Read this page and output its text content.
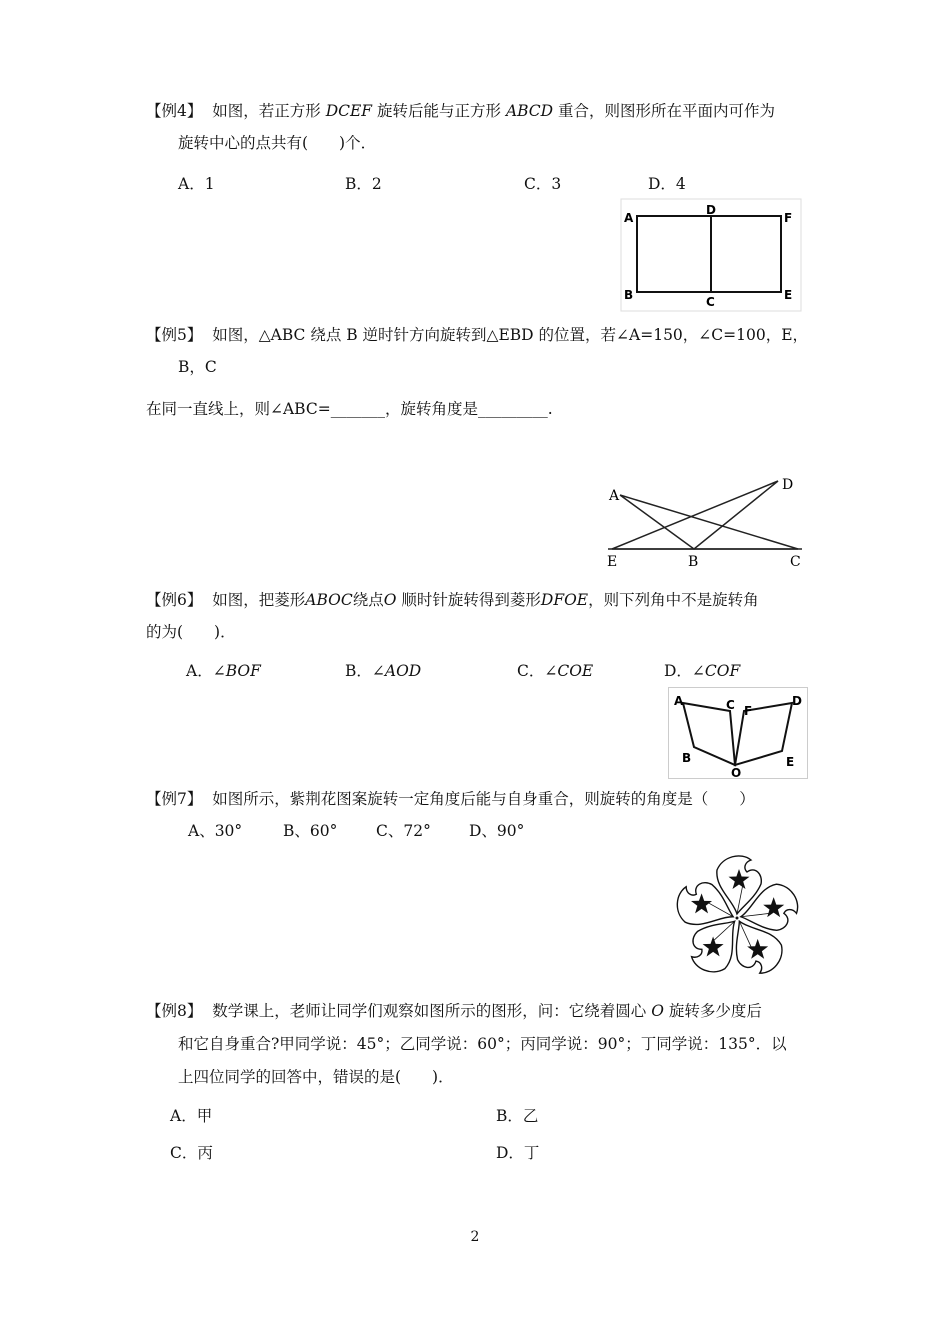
【例4】 如图，若正方形 DCEF 旋转后能与正方形 ABCD 重合，则图形所在平面内可作为
旋转中心的点共有(　　)个．
A．1	B．2	C．3	D．4
A
D
F
B	C	E
【例5】 如图，△ABC 绕点 B 逆时针方向旋转到△EBD 的位置，若∠A=150，∠C=100，E，
B，C
在同一直线上，则∠ABC=_______，旋转角度是_________.
A
D
E	B	C
【例6】 如图，把菱形ABOC绕点O 顺时针旋转得到菱形DFOE，则下列角中不是旋转角
的为(　　)．
A．∠BOF	B．∠AOD	C．∠COE	D．∠COF
A	C F
D
B
O
E
【例7】 如图所示，紫荆花图案旋转一定角度后能与自身重合，则旋转的角度是（　　）
A、30°	B、60° C、72° D、90°
【例8】 数学课上，老师让同学们观察如图所示的图形，问：它绕着圆心 O 旋转多少度后
和它自身重合?甲同学说：45°；乙同学说：60°；丙同学说：90°；丁同学说：135°．以
上四位同学的回答中，错误的是(　　)．
A．甲	B．乙
C．丙	D．丁
2
